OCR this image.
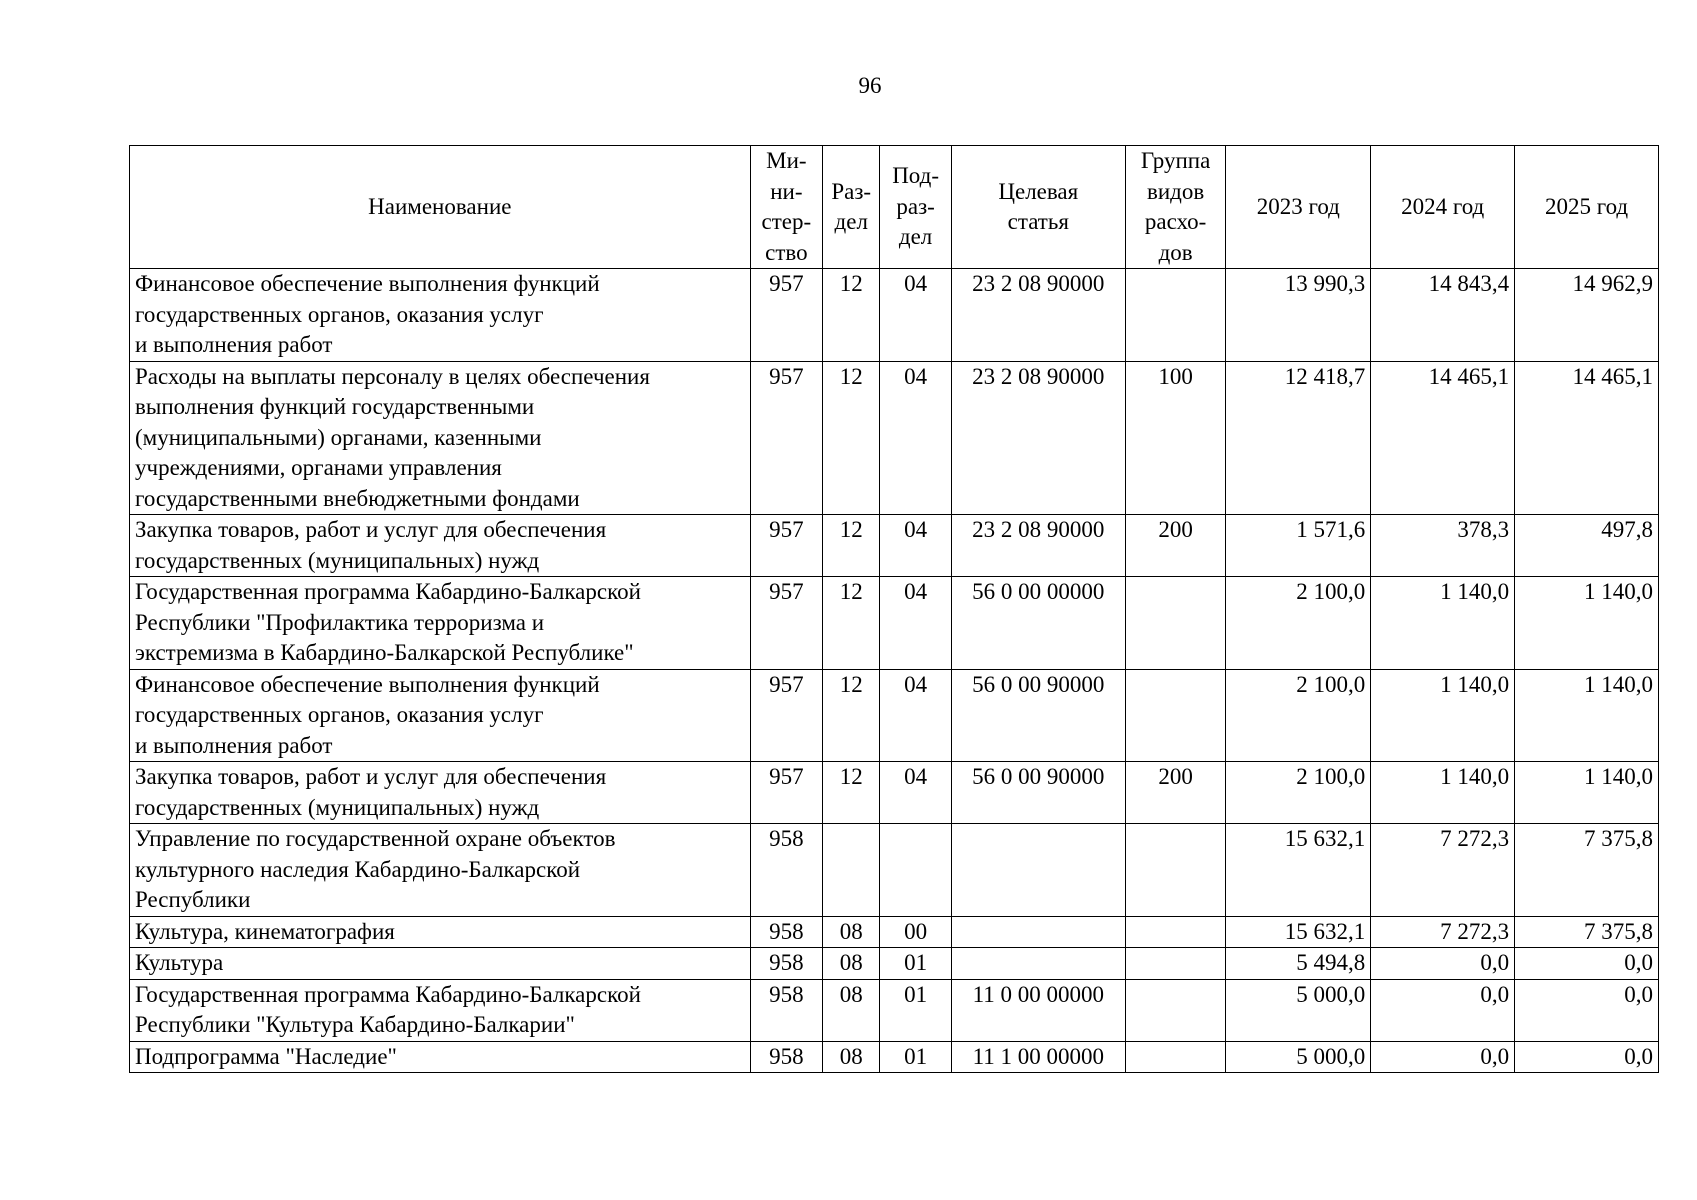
96
Наименование	Ми-
ни-
стер-
ство	Раз-
дел	Под-
раз-
дел	Целевая
статья	Группа
видов
расхо-
дов	2023 год	2024 год	2025 год

Финансовое обеспечение выполнения функций
государственных органов, оказания услуг
и выполнения работ	957	12	04	23 2 08 90000		13 990,3	14 843,4	14 962,9
Расходы на выплаты персоналу в целях обеспечения
выполнения функций государственными
(муниципальными) органами, казенными
учреждениями, органами управления
государственными внебюджетными фондами	957	12	04	23 2 08 90000	100	12 418,7	14 465,1	14 465,1
Закупка товаров, работ и услуг для обеспечения
государственных (муниципальных) нужд	957	12	04	23 2 08 90000	200	1 571,6	378,3	497,8
Государственная программа Кабардино-Балкарской
Республики "Профилактика терроризма и
экстремизма в Кабардино-Балкарской Республике"	957	12	04	56 0 00 00000		2 100,0	1 140,0	1 140,0
Финансовое обеспечение выполнения функций
государственных органов, оказания услуг
и выполнения работ	957	12	04	56 0 00 90000		2 100,0	1 140,0	1 140,0
Закупка товаров, работ и услуг для обеспечения
государственных (муниципальных) нужд	957	12	04	56 0 00 90000	200	2 100,0	1 140,0	1 140,0
Управление по государственной охране объектов
культурного наследия Кабардино-Балкарской
Республики	958					15 632,1	7 272,3	7 375,8
Культура, кинематография	958	08	00			15 632,1	7 272,3	7 375,8
Культура	958	08	01			5 494,8	0,0	0,0
Государственная программа Кабардино-Балкарской
Республики "Культура Кабардино-Балкарии"	958	08	01	11 0 00 00000		5 000,0	0,0	0,0
Подпрограмма "Наследие"	958	08	01	11 1 00 00000		5 000,0	0,0	0,0
